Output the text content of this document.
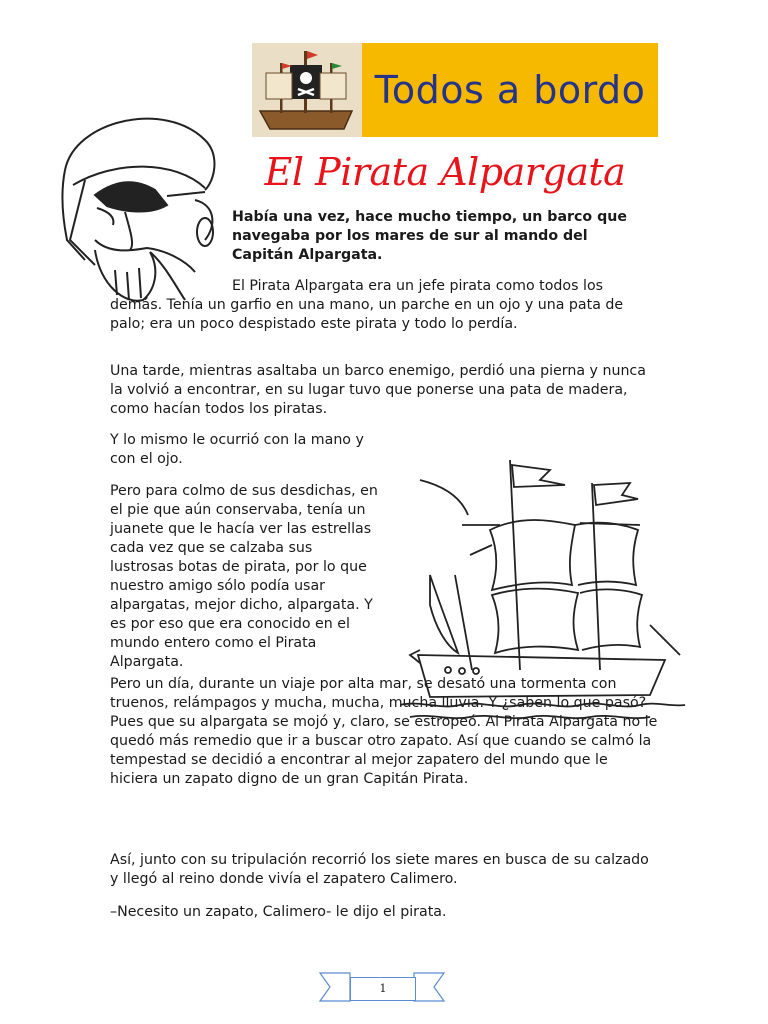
Todos a bordo
El Pirata Alpargata

Había una vez, hace mucho tiempo, un barco que navegaba por los mares de sur al mando del Capitán Alpargata.

El Pirata Alpargata era un jefe pirata como todos los demás. Tenía un garfio en una mano, un parche en un ojo y una pata de palo; era un poco despistado este pirata y todo lo perdía.

Una tarde, mientras asaltaba un barco enemigo, perdió una pierna y nunca la volvió a encontrar, en su lugar tuvo que ponerse una pata de madera, como hacían todos los piratas.

Y lo mismo le ocurrió con la mano y con el ojo.

Pero para colmo de sus desdichas, en el pie que aún conservaba, tenía un juanete que le hacía ver las estrellas cada vez que se calzaba sus lustrosas botas de pirata, por lo que nuestro amigo sólo podía usar alpargatas, mejor dicho, alpargata. Y es por eso que era conocido en el mundo entero como el Pirata Alpargata.

Pero un día, durante un viaje por alta mar, se desató una tormenta con truenos, relámpagos y mucha, mucha, mucha lluvia. Y ¿saben lo que pasó? Pues que su alpargata se mojó y, claro, se estropeó. Al Pirata Alpargata no le quedó más remedio que ir a buscar otro zapato. Así que cuando se calmó la tempestad se decidió a encontrar al mejor zapatero del mundo que le hiciera un zapato digno de un gran Capitán Pirata.

Así, junto con su tripulación recorrió los siete mares en busca de su calzado y llegó al reino donde vivía el zapatero Calimero.

–Necesito un zapato, Calimero- le dijo el pirata.

1
